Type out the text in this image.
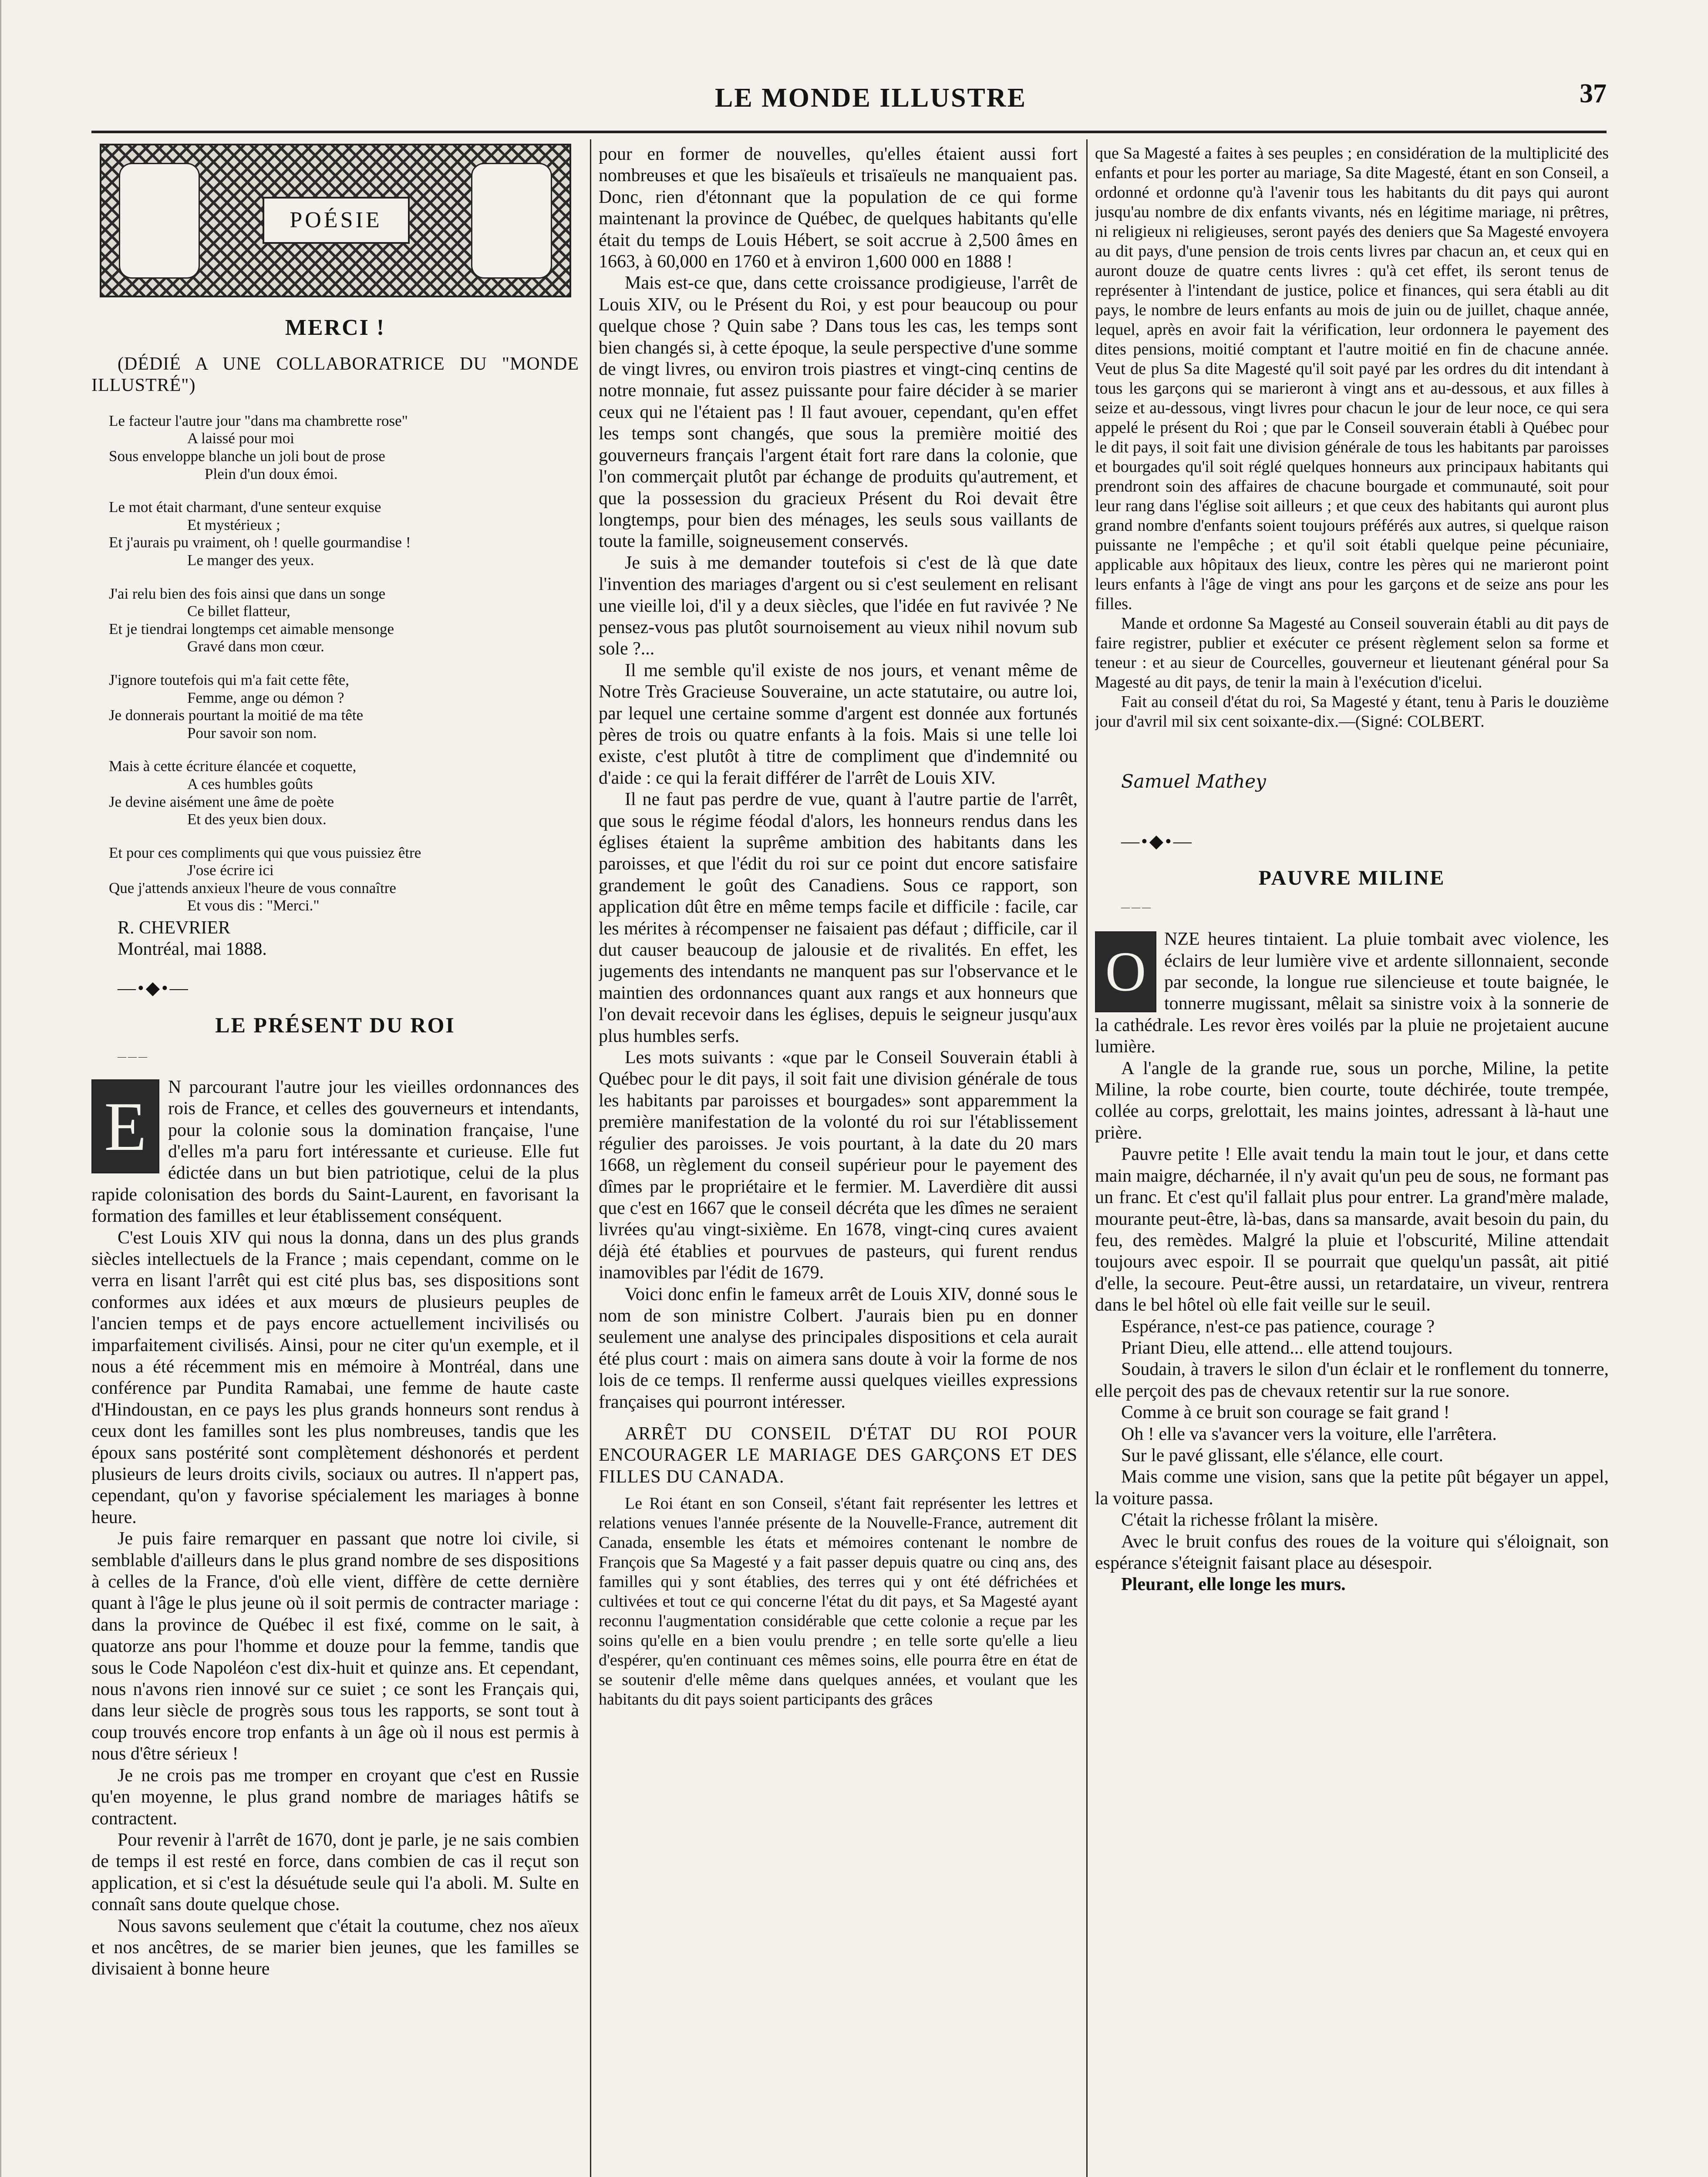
LE MONDE ILLUSTRE	37
POÉSIE
MERCI !

(DÉDIÉ A UNE COLLABORATRICE DU "MONDE ILLUSTRÉ")

Le facteur l'autre jour "dans ma chambrette rose"
A laissé pour moi
Sous enveloppe blanche un joli bout de prose
Plein d'un doux émoi.
Le mot était charmant, d'une senteur exquise
Et mystérieux ;
Et j'aurais pu vraiment, oh ! quelle gourmandise !
Le manger des yeux.
J'ai relu bien des fois ainsi que dans un songe
Ce billet flatteur,
Et je tiendrai longtemps cet aimable mensonge
Gravé dans mon cœur.
J'ignore toutefois qui m'a fait cette fête,
Femme, ange ou démon ?
Je donnerais pourtant la moitié de ma tête
Pour savoir son nom.
Mais à cette écriture élancée et coquette,
A ces humbles goûts
Je devine aisément une âme de poète
Et des yeux bien doux.
Et pour ces compliments qui que vous puissiez être
J'ose écrire ici
Que j'attends anxieux l'heure de vous connaître
Et vous dis : "Merci."

R. CHEVRIER

Montréal, mai 1888.

—•◆•—

LE PRÉSENT DU ROI

———

E

N parcourant l'autre jour les vieilles ordonnances des rois de France, et celles des gouverneurs et intendants, pour la colonie sous la domination française, l'une d'elles m'a paru fort intéressante et curieuse. Elle fut édictée dans un but bien patriotique, celui de la plus rapide colonisation des bords du Saint-Laurent, en favorisant la formation des familles et leur établissement conséquent.

C'est Louis XIV qui nous la donna, dans un des plus grands siècles intellectuels de la France ; mais cependant, comme on le verra en lisant l'arrêt qui est cité plus bas, ses dispositions sont conformes aux idées et aux mœurs de plusieurs peuples de l'ancien temps et de pays encore actuellement incivilisés ou imparfaitement civilisés. Ainsi, pour ne citer qu'un exemple, et il nous a été récemment mis en mémoire à Montréal, dans une conférence par Pundita Ramabai, une femme de haute caste d'Hindoustan, en ce pays les plus grands honneurs sont rendus à ceux dont les familles sont les plus nombreuses, tandis que les époux sans postérité sont complètement déshonorés et perdent plusieurs de leurs droits civils, sociaux ou autres. Il n'appert pas, cependant, qu'on y favorise spécialement les mariages à bonne heure.

Je puis faire remarquer en passant que notre loi civile, si semblable d'ailleurs dans le plus grand nombre de ses dispositions à celles de la France, d'où elle vient, diffère de cette dernière quant à l'âge le plus jeune où il soit permis de contracter mariage : dans la province de Québec il est fixé, comme on le sait, à quatorze ans pour l'homme et douze pour la femme, tandis que sous le Code Napoléon c'est dix-huit et quinze ans. Et cependant, nous n'avons rien innové sur ce suiet ; ce sont les Français qui, dans leur siècle de progrès sous tous les rapports, se sont tout à coup trouvés encore trop enfants à un âge où il nous est permis à nous d'être sérieux !

Je ne crois pas me tromper en croyant que c'est en Russie qu'en moyenne, le plus grand nombre de mariages hâtifs se contractent.

Pour revenir à l'arrêt de 1670, dont je parle, je ne sais combien de temps il est resté en force, dans combien de cas il reçut son application, et si c'est la désuétude seule qui l'a aboli. M. Sulte en connaît sans doute quelque chose.

Nous savons seulement que c'était la coutume, chez nos aïeux et nos ancêtres, de se marier bien jeunes, que les familles se divisaient à bonne heure

pour en former de nouvelles, qu'elles étaient aussi fort nombreuses et que les bisaïeuls et trisaïeuls ne manquaient pas. Donc, rien d'étonnant que la population de ce qui forme maintenant la province de Québec, de quelques habitants qu'elle était du temps de Louis Hébert, se soit accrue à 2,500 âmes en 1663, à 60,000 en 1760 et à environ 1,600 000 en 1888 !

Mais est-ce que, dans cette croissance prodigieuse, l'arrêt de Louis XIV, ou le Présent du Roi, y est pour beaucoup ou pour quelque chose ? Quin sabe ? Dans tous les cas, les temps sont bien changés si, à cette époque, la seule perspective d'une somme de vingt livres, ou environ trois piastres et vingt-cinq centins de notre monnaie, fut assez puissante pour faire décider à se marier ceux qui ne l'étaient pas ! Il faut avouer, cependant, qu'en effet les temps sont changés, que sous la première moitié des gouverneurs français l'argent était fort rare dans la colonie, que l'on commerçait plutôt par échange de produits qu'autrement, et que la possession du gracieux Présent du Roi devait être longtemps, pour bien des ménages, les seuls sous vaillants de toute la famille, soigneusement conservés.

Je suis à me demander toutefois si c'est de là que date l'invention des mariages d'argent ou si c'est seulement en relisant une vieille loi, d'il y a deux siècles, que l'idée en fut ravivée ? Ne pensez-vous pas plutôt sournoisement au vieux nihil novum sub sole ?...

Il me semble qu'il existe de nos jours, et venant même de Notre Très Gracieuse Souveraine, un acte statutaire, ou autre loi, par lequel une certaine somme d'argent est donnée aux fortunés pères de trois ou quatre enfants à la fois. Mais si une telle loi existe, c'est plutôt à titre de compliment que d'indemnité ou d'aide : ce qui la ferait différer de l'arrêt de Louis XIV.

Il ne faut pas perdre de vue, quant à l'autre partie de l'arrêt, que sous le régime féodal d'alors, les honneurs rendus dans les églises étaient la suprême ambition des habitants dans les paroisses, et que l'édit du roi sur ce point dut encore satisfaire grandement le goût des Canadiens. Sous ce rapport, son application dût être en même temps facile et difficile : facile, car les mérites à récompenser ne faisaient pas défaut ; difficile, car il dut causer beaucoup de jalousie et de rivalités. En effet, les jugements des intendants ne manquent pas sur l'observance et le maintien des ordonnances quant aux rangs et aux honneurs que l'on devait recevoir dans les églises, depuis le seigneur jusqu'aux plus humbles serfs.

Les mots suivants : «que par le Conseil Souverain établi à Québec pour le dit pays, il soit fait une division générale de tous les habitants par paroisses et bourgades» sont apparemment la première manifestation de la volonté du roi sur l'établissement régulier des paroisses. Je vois pourtant, à la date du 20 mars 1668, un règlement du conseil supérieur pour le payement des dîmes par le propriétaire et le fermier. M. Laverdière dit aussi que c'est en 1667 que le conseil décréta que les dîmes ne seraient livrées qu'au vingt-sixième. En 1678, vingt-cinq cures avaient déjà été établies et pourvues de pasteurs, qui furent rendus inamovibles par l'édit de 1679.

Voici donc enfin le fameux arrêt de Louis XIV, donné sous le nom de son ministre Colbert. J'aurais bien pu en donner seulement une analyse des principales dispositions et cela aurait été plus court : mais on aimera sans doute à voir la forme de nos lois de ce temps. Il renferme aussi quelques vieilles expressions françaises qui pourront intéresser.

ARRÊT DU CONSEIL D'ÉTAT DU ROI POUR ENCOURAGER LE MARIAGE DES GARÇONS ET DES FILLES DU CANADA.

Le Roi étant en son Conseil, s'étant fait représenter les lettres et relations venues l'année présente de la Nouvelle-France, autrement dit Canada, ensemble les états et mémoires contenant le nombre de François que Sa Magesté y a fait passer depuis quatre ou cinq ans, des familles qui y sont établies, des terres qui y ont été défrichées et cultivées et tout ce qui concerne l'état du dit pays, et Sa Magesté ayant reconnu l'augmentation considérable que cette colonie a reçue par les soins qu'elle en a bien voulu prendre ; en telle sorte qu'elle a lieu d'espérer, qu'en continuant ces mêmes soins, elle pourra être en état de se soutenir d'elle même dans quelques années, et voulant que les habitants du dit pays soient participants des grâces

que Sa Magesté a faites à ses peuples ; en considération de la multiplicité des enfants et pour les porter au mariage, Sa dite Magesté, étant en son Conseil, a ordonné et ordonne qu'à l'avenir tous les habitants du dit pays qui auront jusqu'au nombre de dix enfants vivants, nés en légitime mariage, ni prêtres, ni religieux ni religieuses, seront payés des deniers que Sa Magesté envoyera au dit pays, d'une pension de trois cents livres par chacun an, et ceux qui en auront douze de quatre cents livres : qu'à cet effet, ils seront tenus de représenter à l'intendant de justice, police et finances, qui sera établi au dit pays, le nombre de leurs enfants au mois de juin ou de juillet, chaque année, lequel, après en avoir fait la vérification, leur ordonnera le payement des dites pensions, moitié comptant et l'autre moitié en fin de chacune année. Veut de plus Sa dite Magesté qu'il soit payé par les ordres du dit intendant à tous les garçons qui se marieront à vingt ans et au-dessous, et aux filles à seize et au-dessous, vingt livres pour chacun le jour de leur noce, ce qui sera appelé le présent du Roi ; que par le Conseil souverain établi à Québec pour le dit pays, il soit fait une division générale de tous les habitants par paroisses et bourgades qu'il soit réglé quelques honneurs aux principaux habitants qui prendront soin des affaires de chacune bourgade et communauté, soit pour leur rang dans l'église soit ailleurs ; et que ceux des habitants qui auront plus grand nombre d'enfants soient toujours préférés aux autres, si quelque raison puissante ne l'empêche ; et qu'il soit établi quelque peine pécuniaire, applicable aux hôpitaux des lieux, contre les pères qui ne marieront point leurs enfants à l'âge de vingt ans pour les garçons et de seize ans pour les filles.

Mande et ordonne Sa Magesté au Conseil souverain établi au dit pays de faire registrer, publier et exécuter ce présent règlement selon sa forme et teneur : et au sieur de Courcelles, gouverneur et lieutenant général pour Sa Magesté au dit pays, de tenir la main à l'exécution d'icelui.

Fait au conseil d'état du roi, Sa Magesté y étant, tenu à Paris le douzième jour d'avril mil six cent soixante-dix.—(Signé: COLBERT.

Samuel Mathey

—•◆•—

PAUVRE MILINE

———

O

NZE heures tintaient. La pluie tombait avec violence, les éclairs de leur lumière vive et ardente sillonnaient, seconde par seconde, la longue rue silencieuse et toute baignée, le tonnerre mugissant, mêlait sa sinistre voix à la sonnerie de la cathédrale. Les revor ères voilés par la pluie ne projetaient aucune lumière.

A l'angle de la grande rue, sous un porche, Miline, la petite Miline, la robe courte, bien courte, toute déchirée, toute trempée, collée au corps, grelottait, les mains jointes, adressant à là-haut une prière.

Pauvre petite ! Elle avait tendu la main tout le jour, et dans cette main maigre, décharnée, il n'y avait qu'un peu de sous, ne formant pas un franc. Et c'est qu'il fallait plus pour entrer. La grand'mère malade, mourante peut-être, là-bas, dans sa mansarde, avait besoin du pain, du feu, des remèdes. Malgré la pluie et l'obscurité, Miline attendait toujours avec espoir. Il se pourrait que quelqu'un passât, ait pitié d'elle, la secoure. Peut-être aussi, un retardataire, un viveur, rentrera dans le bel hôtel où elle fait veille sur le seuil.

Espérance, n'est-ce pas patience, courage ?

Priant Dieu, elle attend... elle attend toujours.

Soudain, à travers le silon d'un éclair et le ronflement du tonnerre, elle perçoit des pas de chevaux retentir sur la rue sonore.

Comme à ce bruit son courage se fait grand !

Oh ! elle va s'avancer vers la voiture, elle l'arrêtera.

Sur le pavé glissant, elle s'élance, elle court.

Mais comme une vision, sans que la petite pût bégayer un appel, la voiture passa.

C'était la richesse frôlant la misère.

Avec le bruit confus des roues de la voiture qui s'éloignait, son espérance s'éteignit faisant place au désespoir.

Pleurant, elle longe les murs.
